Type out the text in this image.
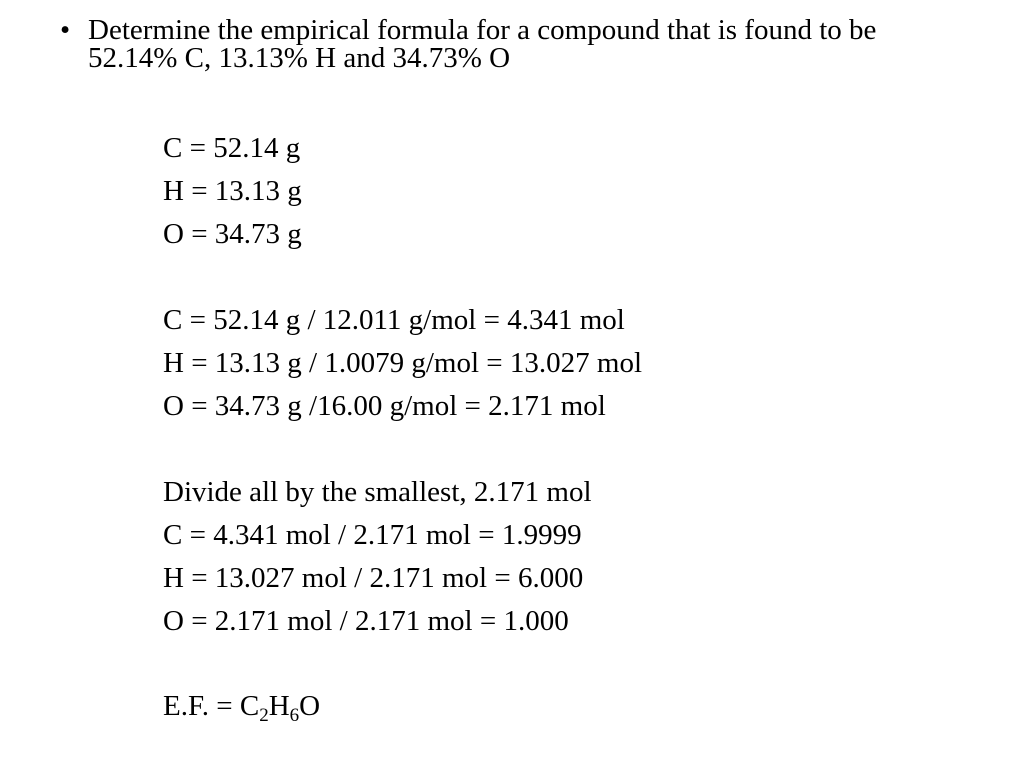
• Determine the empirical formula for a compound that is found to be 52.14% C, 13.13% H and 34.73% O
C = 52.14 g
H = 13.13 g
O = 34.73 g
C = 52.14 g / 12.011 g/mol = 4.341 mol
H = 13.13 g / 1.0079 g/mol = 13.027 mol
O = 34.73 g /16.00 g/mol = 2.171 mol
Divide all by the smallest, 2.171 mol
C = 4.341 mol / 2.171 mol = 1.9999
H = 13.027 mol / 2.171 mol = 6.000
O = 2.171 mol / 2.171 mol = 1.000
E.F. = $C_2H_6O$
